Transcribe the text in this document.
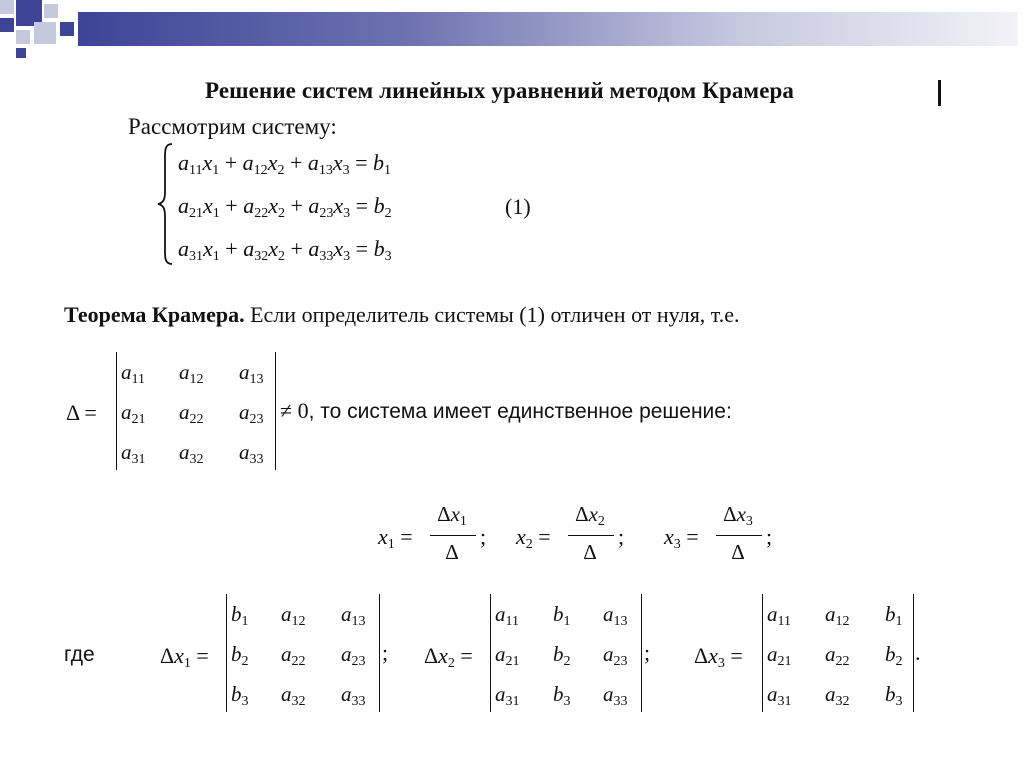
Решение систем линейных уравнений методом Крамера
Рассмотрим систему:
$a_{11}x_1 + a_{12}x_2 + a_{13}x_3 = b_1$
$a_{21}x_1 + a_{22}x_2 + a_{23}x_3 = b_2$
$a_{31}x_1 + a_{32}x_2 + a_{33}x_3 = b_3$
(1)
Теорема Крамера. Если определитель системы (1) отличен от нуля, т.е.
Δ =
$a_{11}$ $a_{12}$ $a_{13}$
$a_{21}$ $a_{22}$ $a_{23}$
$a_{31}$ $a_{32}$ $a_{33}$
≠ 0, то система имеет единственное решение:
$x_1$ =
$\Delta x_1$
Δ
; $x_2$ =
$\Delta x_2$
Δ
; $x_3$ =
$\Delta x_3$
Δ
;
где	$\Delta x_1$ =
$b_1$ $a_{12}$ $a_{13}$
$b_2$ $a_{22}$ $a_{23}$
$b_3$ $a_{32}$ $a_{33}$
; $\Delta x_2$ =
$a_{11}$ $b_1$ $a_{13}$
$a_{21}$ $b_2$ $a_{23}$
$a_{31}$ $b_3$ $a_{33}$
; $\Delta x_3$ =
$a_{11}$ $a_{12}$ $b_1$
$a_{21}$ $a_{22}$ $b_2$
$a_{31}$ $a_{32}$ $b_3$
.
